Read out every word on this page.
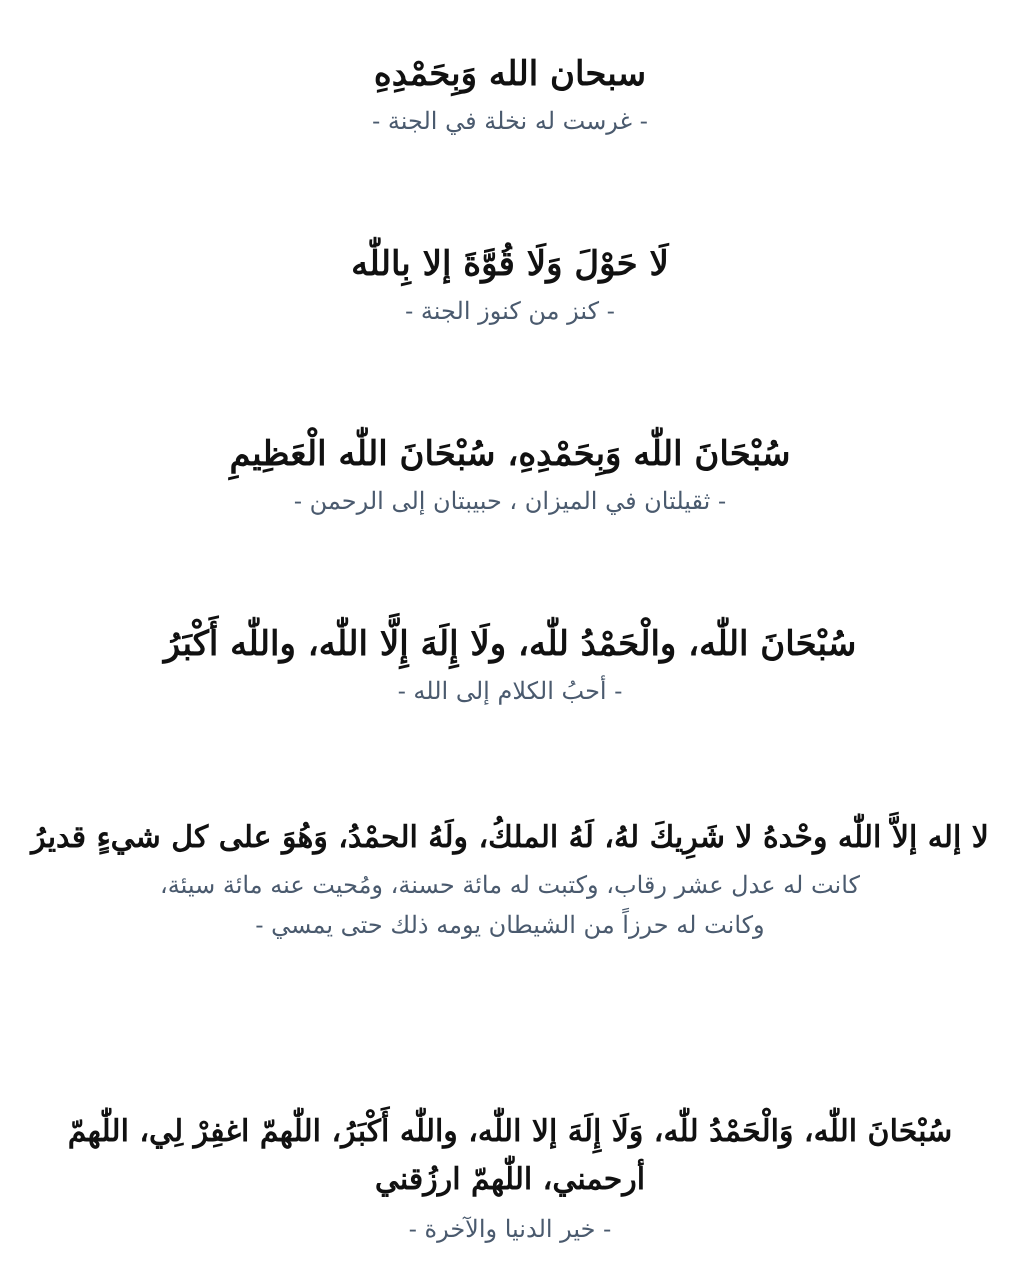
سبحان الله وَبِحَمْدِهِ
- غرست له نخلة في الجنة -
لَا حَوْلَ وَلَا قُوَّةَ إلا بِاللّٰه
- كنز من كنوز الجنة -
سُبْحَانَ اللّٰه وَبِحَمْدِهِ، سُبْحَانَ اللّٰه الْعَظِيمِ
- ثقيلتان في الميزان ، حبيبتان إلى الرحمن -
سُبْحَانَ اللّٰه، والْحَمْدُ للّٰه، ولَا إِلَهَ إِلَّا اللّٰه، واللّٰه أَكْبَرُ
- أحبُ الكلام إلى الله -
لا إله إلاَّ اللّٰه وحْدهُ لا شَرِيكَ لهُ، لَهُ الملكُ، ولَهُ الحمْدُ، وَهُوَ على كل شيءٍ قديرُ
كانت له عدل عشر رقاب، وكتبت له مائة حسنة، ومُحيت عنه مائة سيئة،
وكانت له حرزاً من الشيطان يومه ذلك حتى يمسي -
سُبْحَانَ اللّٰه، وَالْحَمْدُ للّٰه، وَلَا إِلَهَ إلا اللّٰه، واللّٰه أَكْبَرُ، اللّٰهمّ اغفِرْ لِي، اللّٰهمّ أرحمني، اللّٰهمّ ارزُقني
- خير الدنيا والآخرة -
